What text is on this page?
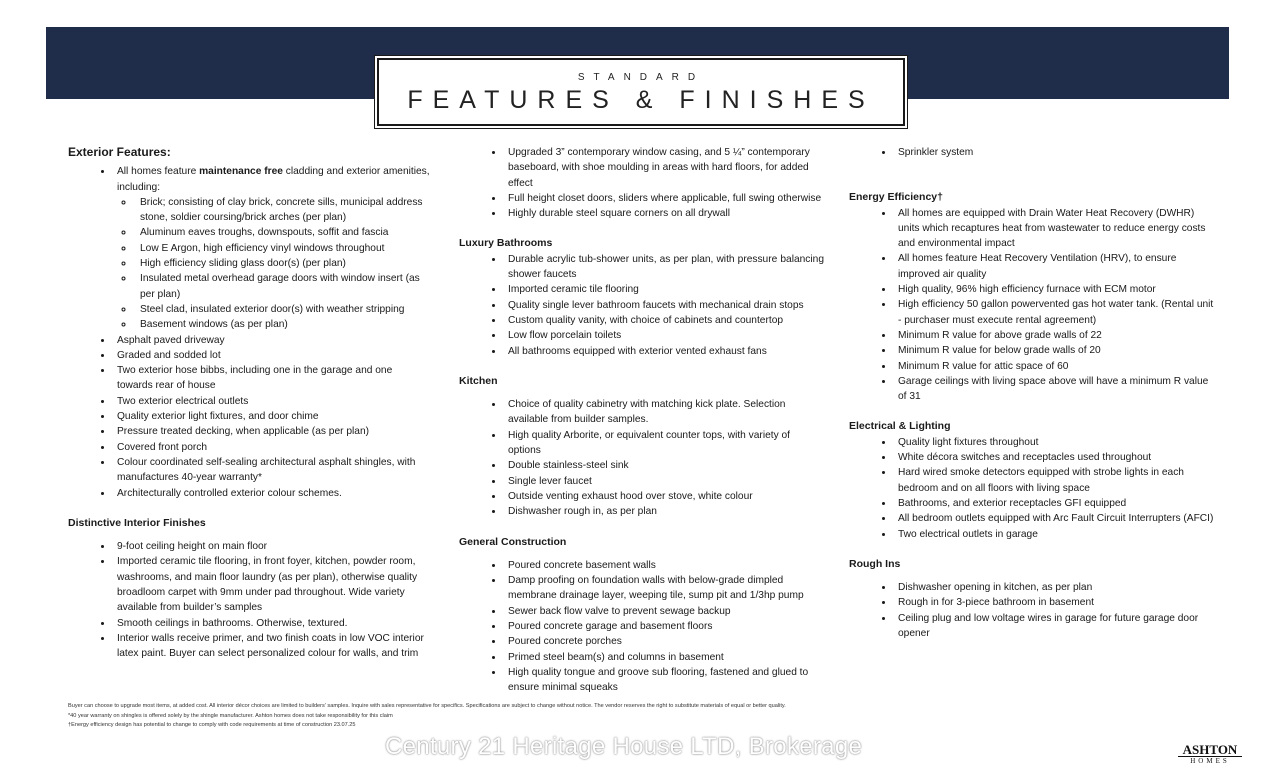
STANDARD
FEATURES & FINISHES
Exterior Features:
• All homes feature maintenance free cladding and exterior amenities, including:
◦ Brick; consisting of clay brick, concrete sills, municipal address stone, soldier coursing/brick arches (per plan)
◦ Aluminum eaves troughs, downspouts, soffit and fascia
◦ Low E Argon, high efficiency vinyl windows throughout
◦ High efficiency sliding glass door(s) (per plan)
◦ Insulated metal overhead garage doors with window insert (as per plan)
◦ Steel clad, insulated exterior door(s) with weather stripping
◦ Basement windows (as per plan)
• Asphalt paved driveway
• Graded and sodded lot
• Two exterior hose bibbs, including one in the garage and one towards rear of house
• Two exterior electrical outlets
• Quality exterior light fixtures, and door chime
• Pressure treated decking, when applicable (as per plan)
• Covered front porch
• Colour coordinated self-sealing architectural asphalt shingles, with manufactures 40-year warranty*
• Architecturally controlled exterior colour schemes.
Distinctive Interior Finishes
• 9-foot ceiling height on main floor
• Imported ceramic tile flooring, in front foyer, kitchen, powder room, washrooms, and main floor laundry (as per plan), otherwise quality broadloom carpet with 9mm under pad throughout. Wide variety available from builder’s samples
• Smooth ceilings in bathrooms. Otherwise, textured.
• Interior walls receive primer, and two finish coats in low VOC interior latex paint. Buyer can select personalized colour for walls, and trim
• Upgraded 3” contemporary window casing, and 5 ¼” contemporary baseboard, with shoe moulding in areas with hard floors, for added effect
• Full height closet doors, sliders where applicable, full swing otherwise
• Highly durable steel square corners on all drywall
Luxury Bathrooms
• Durable acrylic tub-shower units, as per plan, with pressure balancing shower faucets
• Imported ceramic tile flooring
• Quality single lever bathroom faucets with mechanical drain stops
• Custom quality vanity, with choice of cabinets and countertop
• Low flow porcelain toilets
• All bathrooms equipped with exterior vented exhaust fans
Kitchen
• Choice of quality cabinetry with matching kick plate. Selection available from builder samples.
• High quality Arborite, or equivalent counter tops, with variety of options
• Double stainless-steel sink
• Single lever faucet
• Outside venting exhaust hood over stove, white colour
• Dishwasher rough in, as per plan
General Construction
• Poured concrete basement walls
• Damp proofing on foundation walls with below-grade dimpled membrane drainage layer, weeping tile, sump pit and 1/3hp pump
• Sewer back flow valve to prevent sewage backup
• Poured concrete garage and basement floors
• Poured concrete porches
• Primed steel beam(s) and columns in basement
• High quality tongue and groove sub flooring, fastened and glued to ensure minimal squeaks
• Sprinkler system
Energy Efficiency†
• All homes are equipped with Drain Water Heat Recovery (DWHR) units which recaptures heat from wastewater to reduce energy costs and environmental impact
• All homes feature Heat Recovery Ventilation (HRV), to ensure improved air quality
• High quality, 96% high efficiency furnace with ECM motor
• High efficiency 50 gallon powervented gas hot water tank. (Rental unit - purchaser must execute rental agreement)
• Minimum R value for above grade walls of 22
• Minimum R value for below grade walls of 20
• Minimum R value for attic space of 60
• Garage ceilings with living space above will have a minimum R value of 31
Electrical & Lighting
• Quality light fixtures throughout
• White décora switches and receptacles used throughout
• Hard wired smoke detectors equipped with strobe lights in each bedroom and on all floors with living space
• Bathrooms, and exterior receptacles GFI equipped
• All bedroom outlets equipped with Arc Fault Circuit Interrupters (AFCI)
• Two electrical outlets in garage
Rough Ins
• Dishwasher opening in kitchen, as per plan
• Rough in for 3-piece bathroom in basement
• Ceiling plug and low voltage wires in garage for future garage door opener
Buyer can choose to upgrade most items, at added cost. All interior décor choices are limited to builders’ samples. Inquire with sales representative for specifics. Specifications are subject to change without notice. The vendor reserves the right to substitute materials of equal or better quality.
*40 year warranty on shingles is offered solely by the shingle manufacturer. Ashton homes does not take responsibility for this claim
†Energy efficiency design has potential to change to comply with code requirements at time of construction 23.07.25
Century 21 Heritage House LTD, Brokerage	ASHTON
HOMES
